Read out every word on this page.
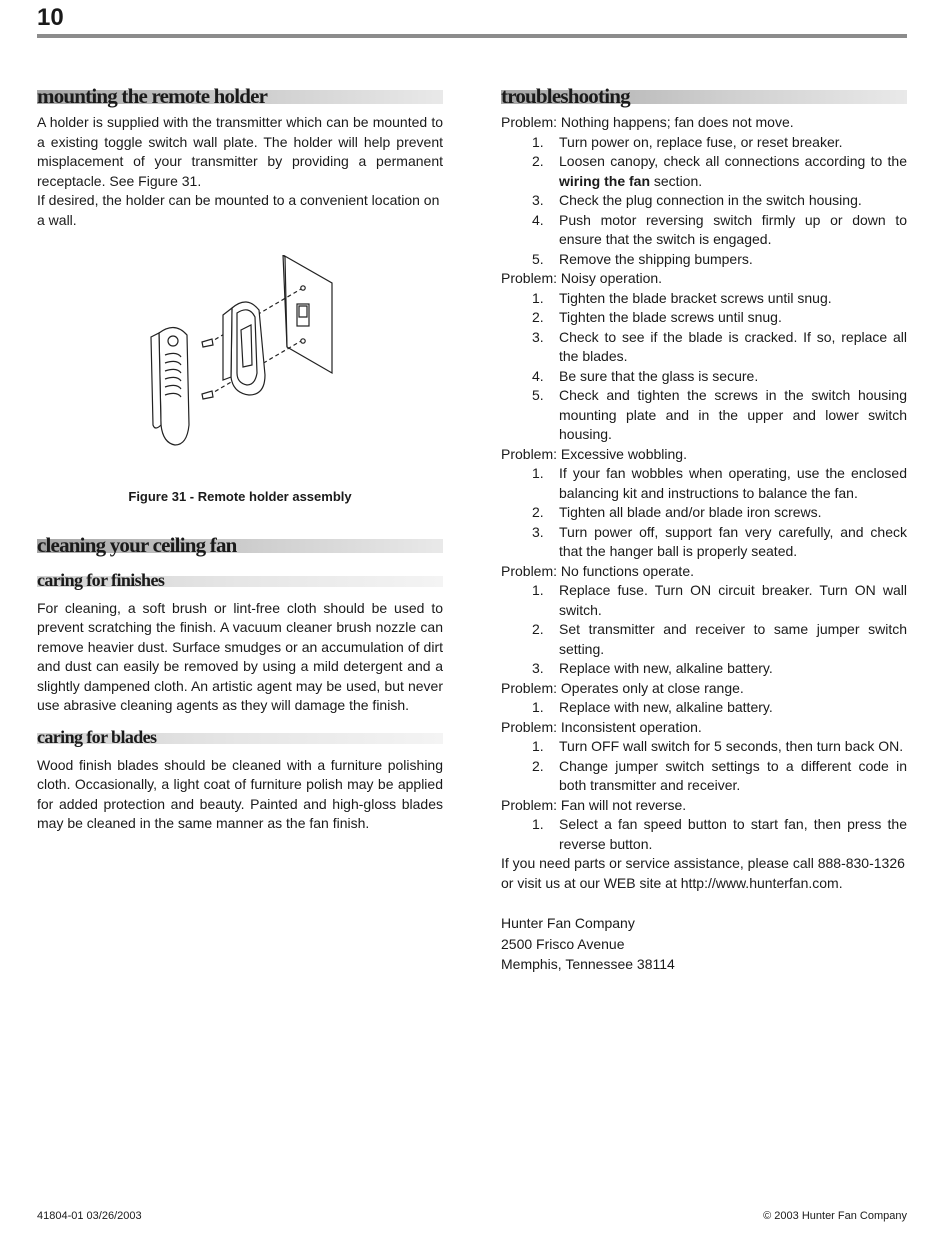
10
mounting the remote holder

A holder is supplied with the transmitter which can be mounted to a existing toggle switch wall plate. The holder will help prevent misplacement of your transmitter by providing a permanent receptacle. See Figure 31.

If desired, the holder can be mounted to a convenient location on a wall.

Figure 31 - Remote holder assembly
cleaning your ceiling fan
caring for finishes

For cleaning, a soft brush or lint-free cloth should be used to prevent scratching the finish. A vacuum cleaner brush nozzle can remove heavier dust. Surface smudges or an accumulation of dirt and dust can easily be removed by using a mild detergent and a slightly dampened cloth. An artistic agent may be used, but never use abrasive cleaning agents as they will damage the finish.

caring for blades

Wood finish blades should be cleaned with a furniture polishing cloth. Occasionally, a light coat of furniture polish may be applied for added protection and beauty. Painted and high-gloss blades may be cleaned in the same manner as the fan finish.

troubleshooting
Problem: Nothing happens; fan does not move.
1. Turn power on, replace fuse, or reset breaker.
2. Loosen canopy, check all connections according to the wiring the fan section.
3. Check the plug connection in the switch housing.
4. Push motor reversing switch firmly up or down to ensure that the switch is engaged.
5. Remove the shipping bumpers.
Problem: Noisy operation.
1. Tighten the blade bracket screws until snug.
2. Tighten the blade screws until snug.
3. Check to see if the blade is cracked. If so, replace all the blades.
4. Be sure that the glass is secure.
5. Check and tighten the screws in the switch housing mounting plate and in the upper and lower switch housing.
Problem: Excessive wobbling.
1. If your fan wobbles when operating, use the enclosed balancing kit and instructions to balance the fan.
2. Tighten all blade and/or blade iron screws.
3. Turn power off, support fan very carefully, and check that the hanger ball is properly seated.
Problem: No functions operate.
1. Replace fuse. Turn ON circuit breaker. Turn ON wall switch.
2. Set transmitter and receiver to same jumper switch setting.
3. Replace with new, alkaline battery.
Problem: Operates only at close range.
1. Replace with new, alkaline battery.
Problem: Inconsistent operation.
1. Turn OFF wall switch for 5 seconds, then turn back ON.
2. Change jumper switch settings to a different code in both transmitter and receiver.
Problem: Fan will not reverse.
1. Select a fan speed button to start fan, then press the reverse button.

If you need parts or service assistance, please call 888-830-1326 or visit us at our WEB site at http://www.hunterfan.com.

Hunter Fan Company
2500 Frisco Avenue
Memphis, Tennessee 38114
41804-01 03/26/2003	© 2003 Hunter Fan Company
